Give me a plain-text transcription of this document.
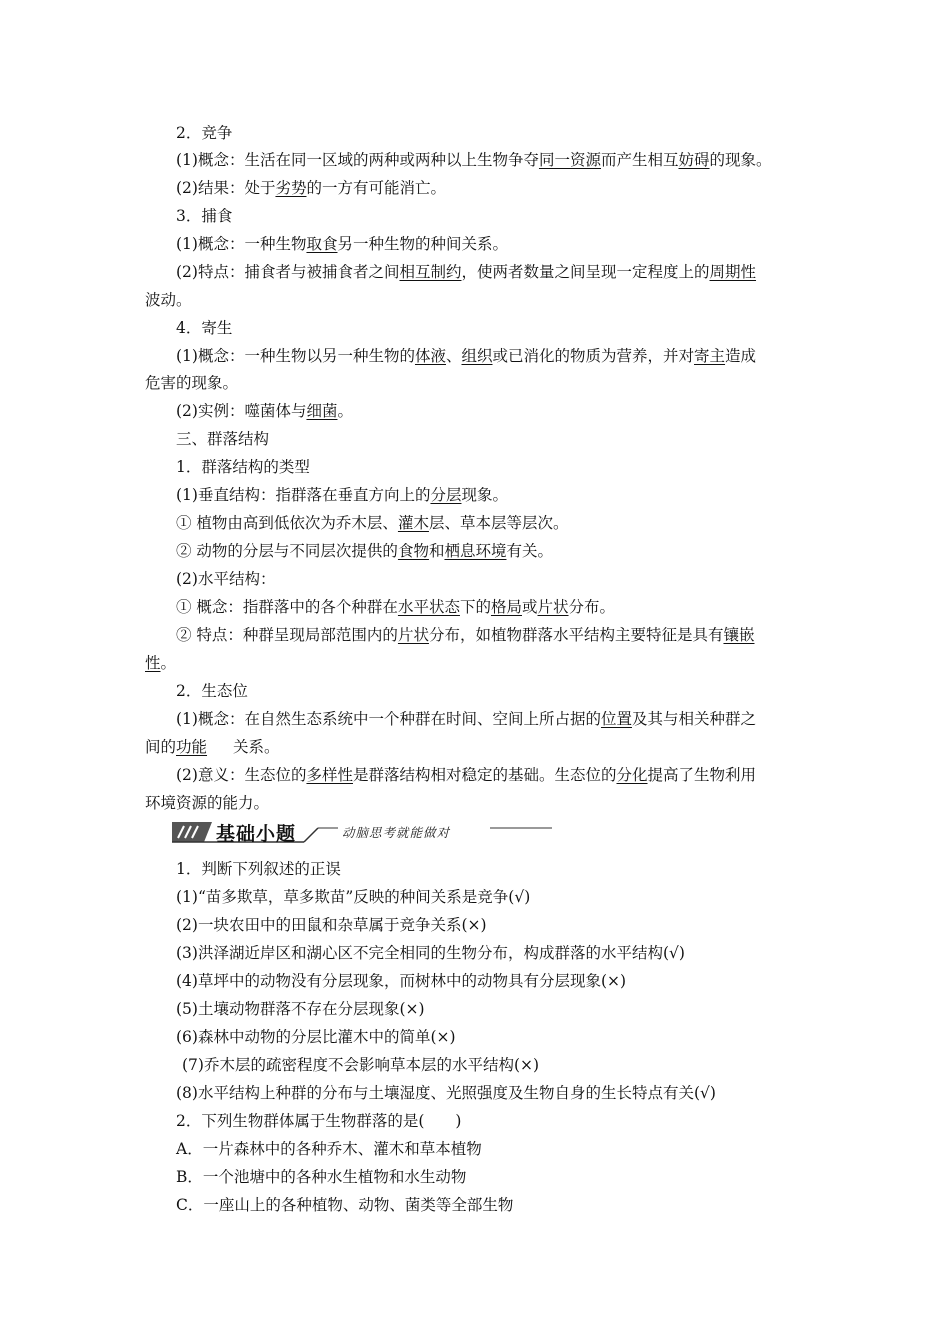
2．竞争
(1)概念：生活在同一区域的两种或两种以上生物争夺同一资源而产生相互妨碍的现象。
(2)结果：处于劣势的一方有可能消亡。
3．捕食
(1)概念：一种生物取食另一种生物的种间关系。
(2)特点：捕食者与被捕食者之间相互制约，使两者数量之间呈现一定程度上的周期性
波动。
4．寄生
(1)概念：一种生物以另一种生物的体液、组织或已消化的物质为营养，并对寄主造成
危害的现象。
(2)实例：噬菌体与细菌。
三、群落结构
1．群落结构的类型
(1)垂直结构：指群落在垂直方向上的分层现象。
① 植物由高到低依次为乔木层、灌木层、草本层等层次。
② 动物的分层与不同层次提供的食物和栖息环境有关。
(2)水平结构：
① 概念：指群落中的各个种群在水平状态下的格局或片状分布。
② 特点：种群呈现局部范围内的片状分布，如植物群落水平结构主要特征是具有镶嵌
性。
2．生态位
(1)概念：在自然生态系统中一个种群在时间、空间上所占据的位置及其与相关种群之
间的功能 关系。
(2)意义：生态位的多样性是群落结构相对稳定的基础。生态位的分化提高了生物利用
环境资源的能力。
基础小题	动脑思考就能做对
1．判断下列叙述的正误
(1)“苗多欺草，草多欺苗”反映的种间关系是竞争(√)
(2)一块农田中的田鼠和杂草属于竞争关系(×)
(3)洪泽湖近岸区和湖心区不完全相同的生物分布，构成群落的水平结构(√)
(4)草坪中的动物没有分层现象，而树林中的动物具有分层现象(×)
(5)土壤动物群落不存在分层现象(×)
(6)森林中动物的分层比灌木中的简单(×)
(7)乔木层的疏密程度不会影响草本层的水平结构(×)
(8)水平结构上种群的分布与土壤湿度、光照强度及生物自身的生长特点有关(√)
2．下列生物群体属于生物群落的是(　　)
A．一片森林中的各种乔木、灌木和草本植物
B．一个池塘中的各种水生植物和水生动物
C．一座山上的各种植物、动物、菌类等全部生物
